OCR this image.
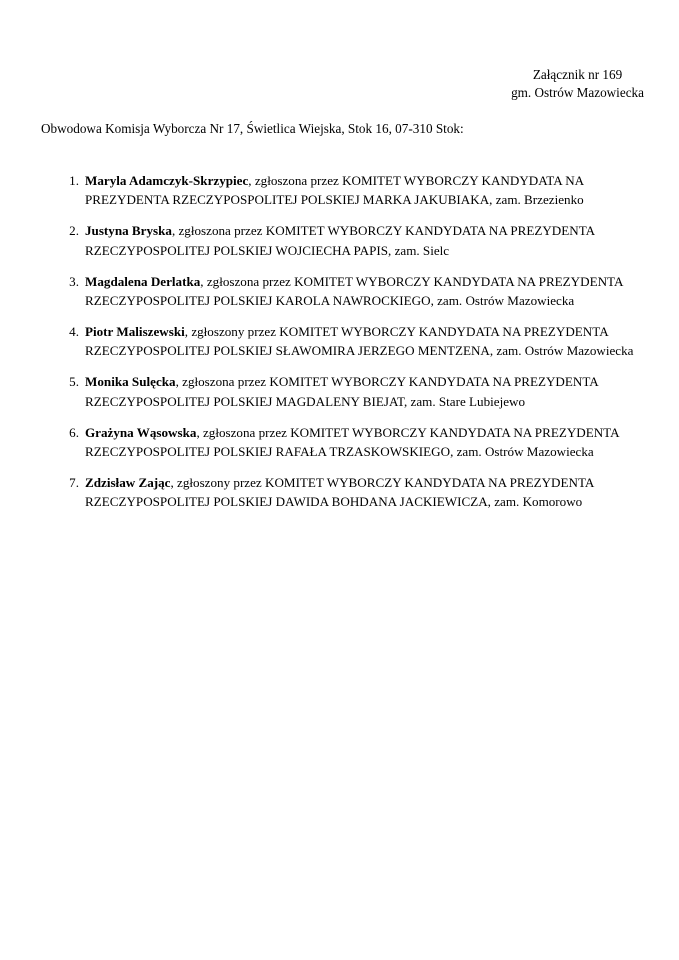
Załącznik nr 169
gm. Ostrów Mazowiecka
Obwodowa Komisja Wyborcza Nr 17, Świetlica Wiejska, Stok 16, 07-310 Stok:
1. Maryla Adamczyk-Skrzypiec, zgłoszona przez KOMITET WYBORCZY KANDYDATA NA PREZYDENTA RZECZYPOSPOLITEJ POLSKIEJ MARKA JAKUBIAKA, zam. Brzezienko
2. Justyna Bryska, zgłoszona przez KOMITET WYBORCZY KANDYDATA NA PREZYDENTA RZECZYPOSPOLITEJ POLSKIEJ WOJCIECHA PAPIS, zam. Sielc
3. Magdalena Derlatka, zgłoszona przez KOMITET WYBORCZY KANDYDATA NA PREZYDENTA RZECZYPOSPOLITEJ POLSKIEJ KAROLA NAWROCKIEGO, zam. Ostrów Mazowiecka
4. Piotr Maliszewski, zgłoszony przez KOMITET WYBORCZY KANDYDATA NA PREZYDENTA RZECZYPOSPOLITEJ POLSKIEJ SŁAWOMIRA JERZEGO MENTZENA, zam. Ostrów Mazowiecka
5. Monika Sulęcka, zgłoszona przez KOMITET WYBORCZY KANDYDATA NA PREZYDENTA RZECZYPOSPOLITEJ POLSKIEJ MAGDALENY BIEJAT, zam. Stare Lubiejewo
6. Grażyna Wąsowska, zgłoszona przez KOMITET WYBORCZY KANDYDATA NA PREZYDENTA RZECZYPOSPOLITEJ POLSKIEJ RAFAŁA TRZASKOWSKIEGO, zam. Ostrów Mazowiecka
7. Zdzisław Zając, zgłoszony przez KOMITET WYBORCZY KANDYDATA NA PREZYDENTA RZECZYPOSPOLITEJ POLSKIEJ DAWIDA BOHDANA JACKIEWICZA, zam. Komorowo
